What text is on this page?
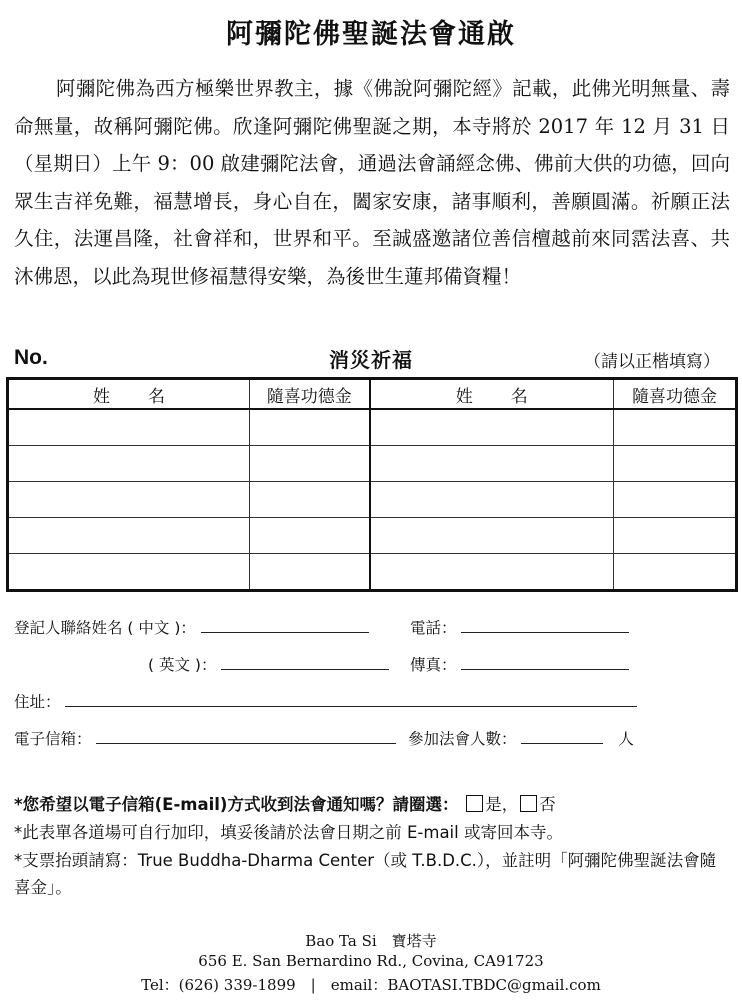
阿彌陀佛聖誕法會通啟

阿彌陀佛為西方極樂世界教主，據《佛說阿彌陀經》記載，此佛光明無量、壽命無量，故稱阿彌陀佛。欣逢阿彌陀佛聖誕之期，本寺將於 2017 年 12 月 31 日（星期日）上午 9：00 啟建彌陀法會，通過法會誦經念佛、佛前大供的功德，回向眾生吉祥免難，福慧增長，身心自在，闔家安康，諸事順利，善願圓滿。祈願正法久住，法運昌隆，社會祥和，世界和平。至誠盛邀諸位善信檀越前來同霑法喜、共沐佛恩，以此為現世修福慧得安樂，為後世生蓮邦備資糧！

No.	消災祈福	（請以正楷填寫）
姓名	隨喜功德金	姓名	隨喜功德金

登記人聯絡姓名 ( 中文 )：	電話：
( 英文 )：	傳真：
住址：
電子信箱：	參加法會人數：	人
*您希望以電子信箱(E-mail)方式收到法會通知嗎？請圈選： 是， 否
*此表單各道場可自行加印，填妥後請於法會日期之前 E-mail 或寄回本寺。
*支票抬頭請寫：True Buddha-Dharma Center（或 T.B.D.C.），並註明「阿彌陀佛聖誕法會隨喜金」。
Bao Ta Si　寶塔寺
656 E. San Bernardino Rd., Covina, CA91723
Tel：(626) 339-1899　|　email：BAOTASI.TBDC@gmail.com
